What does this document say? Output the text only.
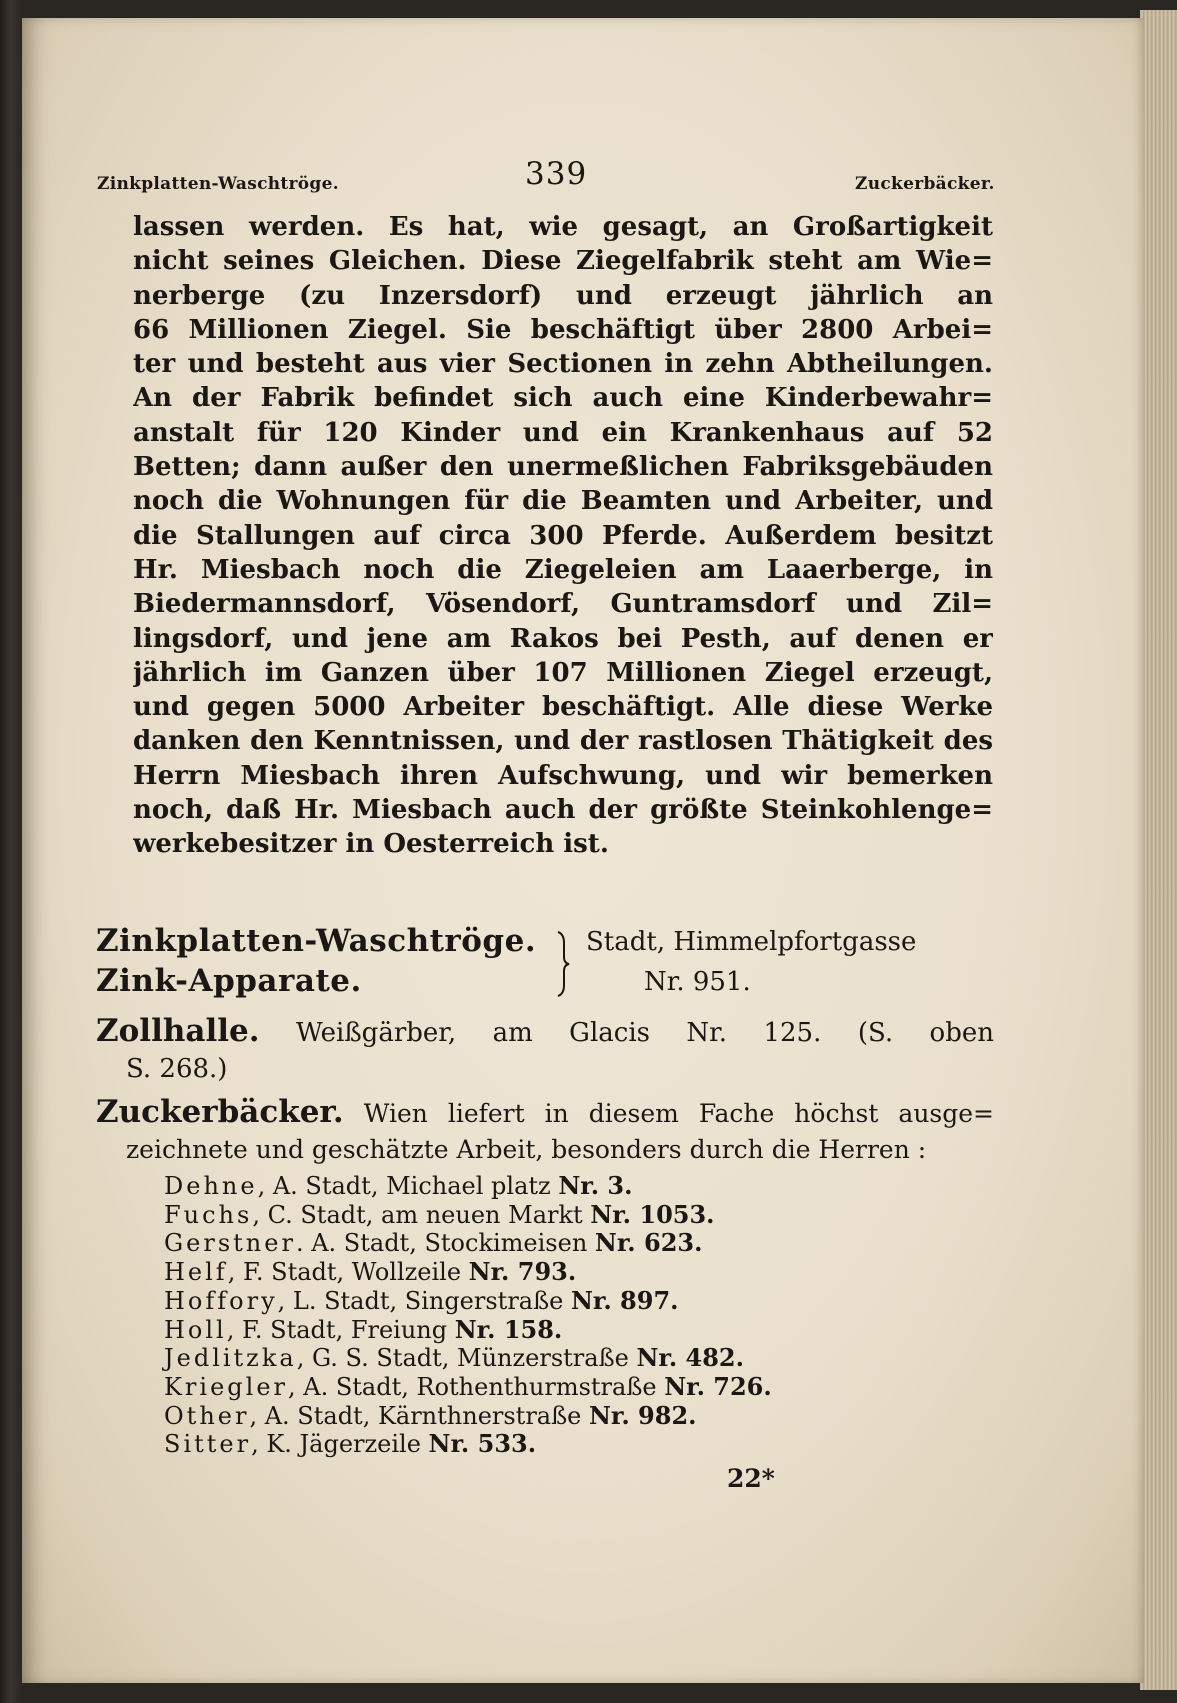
Zinkplatten-Waschtröge.	339	Zuckerbäcker.
lassen werden. Es hat, wie gesagt, an Großartigkeit
nicht seines Gleichen. Diese Ziegelfabrik steht am Wie=
nerberge (zu Inzersdorf) und erzeugt jährlich an
66 Millionen Ziegel. Sie beschäftigt über 2800 Arbei=
ter und besteht aus vier Sectionen in zehn Abtheilungen.
An der Fabrik befindet sich auch eine Kinderbewahr=
anstalt für 120 Kinder und ein Krankenhaus auf 52
Betten; dann außer den unermeßlichen Fabriksgebäuden
noch die Wohnungen für die Beamten und Arbeiter, und
die Stallungen auf circa 300 Pferde. Außerdem besitzt
Hr. Miesbach noch die Ziegeleien am Laaerberge, in
Biedermannsdorf, Vösendorf, Guntramsdorf und Zil=
lingsdorf, und jene am Rakos bei Pesth, auf denen er
jährlich im Ganzen über 107 Millionen Ziegel erzeugt,
und gegen 5000 Arbeiter beschäftigt. Alle diese Werke
danken den Kenntnissen, und der rastlosen Thätigkeit des
Herrn Miesbach ihren Aufschwung, und wir bemerken
noch, daß Hr. Miesbach auch der größte Steinkohlenge=
werkebesitzer in Oesterreich ist.
Zinkplatten-Waschtröge.
Zink-Apparate.
Stadt, Himmelpfortgasse
Nr. 951.
Zollhalle. Weißgärber, am Glacis Nr. 125. (S. oben
S. 268.)
Zuckerbäcker. Wien liefert in diesem Fache höchst ausge=
zeichnete und geschätzte Arbeit, besonders durch die Herren :
Dehne, A. Stadt, Michael platz Nr. 3.
Fuchs, C. Stadt, am neuen Markt Nr. 1053.
Gerstner. A. Stadt, Stockimeisen Nr. 623.
Helf, F. Stadt, Wollzeile Nr. 793.
Hoffory, L. Stadt, Singerstraße Nr. 897.
Holl, F. Stadt, Freiung Nr. 158.
Jedlitzka, G. S. Stadt, Münzerstraße Nr. 482.
Kriegler, A. Stadt, Rothenthurmstraße Nr. 726.
Other, A. Stadt, Kärnthnerstraße Nr. 982.
Sitter, K. Jägerzeile Nr. 533.
22*
